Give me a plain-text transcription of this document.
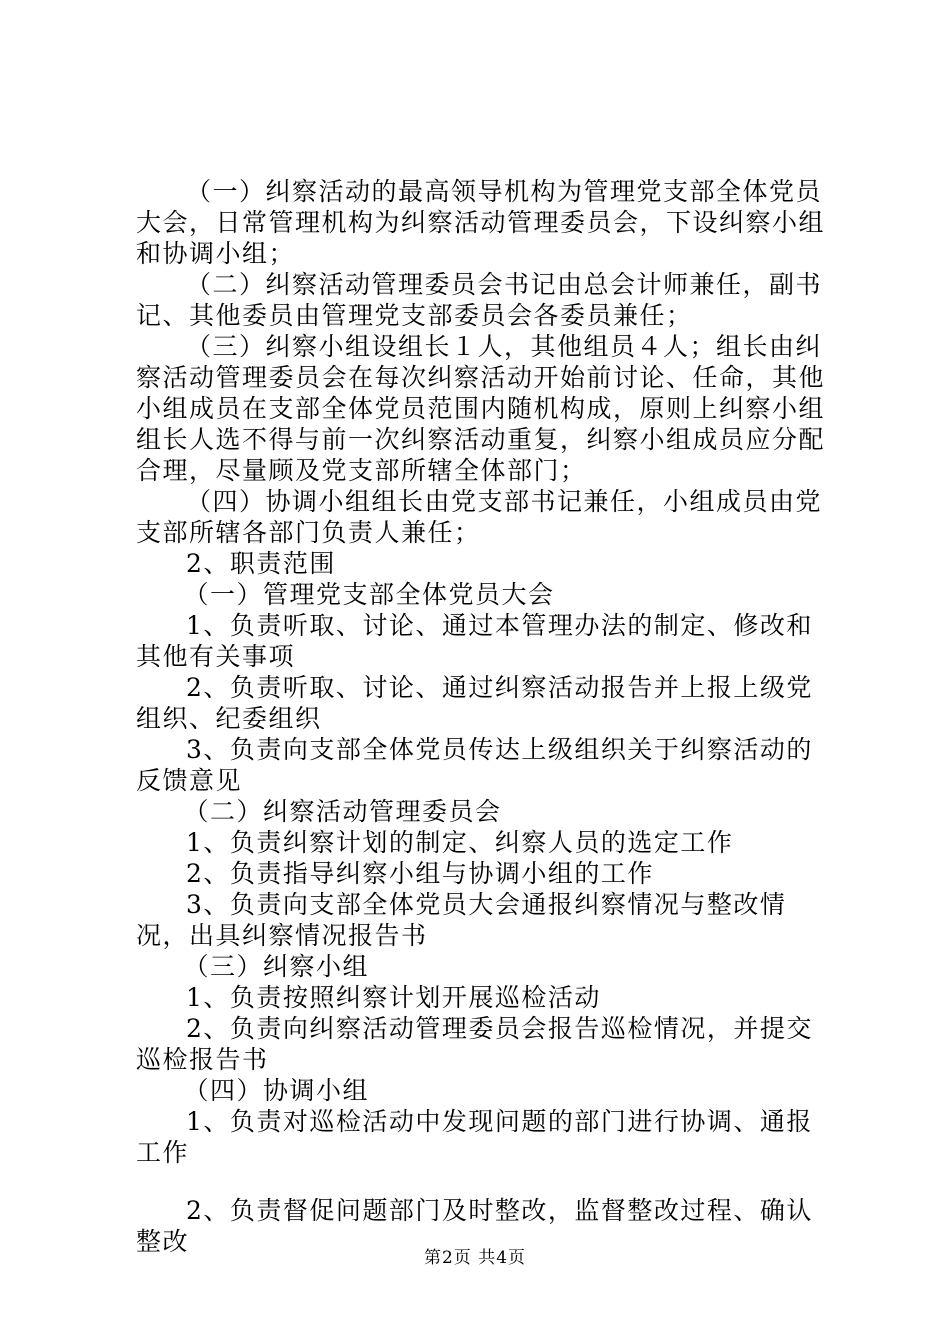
（一）纠察活动的最高领导机构为管理党支部全体党员大会，日常管理机构为纠察活动管理委员会，下设纠察小组和协调小组；

（二）纠察活动管理委员会书记由总会计师兼任，副书记、其他委员由管理党支部委员会各委员兼任；

（三）纠察小组设组长１人，其他组员４人；组长由纠察活动管理委员会在每次纠察活动开始前讨论、任命，其他小组成员在支部全体党员范围内随机构成，原则上纠察小组组长人选不得与前一次纠察活动重复，纠察小组成员应分配合理，尽量顾及党支部所辖全体部门；

（四）协调小组组长由党支部书记兼任，小组成员由党支部所辖各部门负责人兼任；

2、职责范围

（一）管理党支部全体党员大会

1、负责听取、讨论、通过本管理办法的制定、修改和其他有关事项

2、负责听取、讨论、通过纠察活动报告并上报上级党组织、纪委组织

3、负责向支部全体党员传达上级组织关于纠察活动的反馈意见

（二）纠察活动管理委员会

1、负责纠察计划的制定、纠察人员的选定工作

2、负责指导纠察小组与协调小组的工作

3、负责向支部全体党员大会通报纠察情况与整改情况，出具纠察情况报告书

（三）纠察小组

1、负责按照纠察计划开展巡检活动

2、负责向纠察活动管理委员会报告巡检情况，并提交巡检报告书

（四）协调小组

1、负责对巡检活动中发现问题的部门进行协调、通报工作

2、负责督促问题部门及时整改，监督整改过程、确认整改

第2页 共4页
